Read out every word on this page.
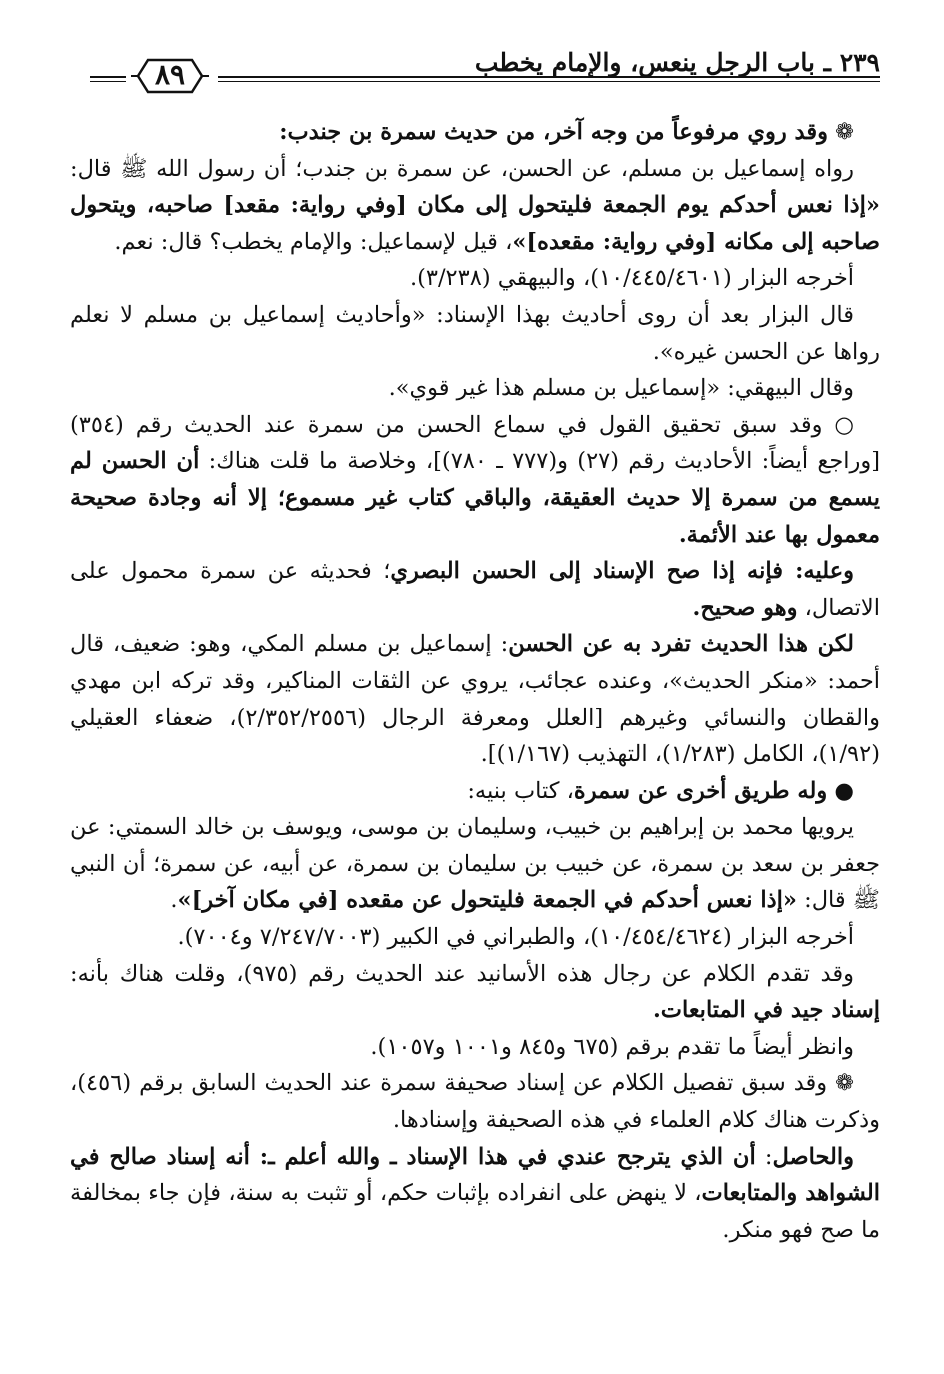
٢٣٩ ـ باب الرجل ينعس، والإمام يخطب
٨٩

❁ وقد روي مرفوعاً من وجه آخر، من حديث سمرة بن جندب:

رواه إسماعيل بن مسلم، عن الحسن، عن سمرة بن جندب؛ أن رسول الله ﷺ قال: «إذا نعس أحدكم يوم الجمعة فليتحول إلى مكان [وفي رواية: مقعد] صاحبه، ويتحول صاحبه إلى مكانه [وفي رواية: مقعده]»، قيل لإسماعيل: والإمام يخطب؟ قال: نعم.

أخرجه البزار (١٠/٤٤٥/٤٦٠١)، والبيهقي (٣/٢٣٨).

قال البزار بعد أن روى أحاديث بهذا الإسناد: «وأحاديث إسماعيل بن مسلم لا نعلم رواها عن الحسن غيره».

وقال البيهقي: «إسماعيل بن مسلم هذا غير قوي».

○ وقد سبق تحقيق القول في سماع الحسن من سمرة عند الحديث رقم (٣٥٤) [وراجع أيضاً: الأحاديث رقم (٢٧) و(٧٧٧ ـ ٧٨٠)]، وخلاصة ما قلت هناك: أن الحسن لم يسمع من سمرة إلا حديث العقيقة، والباقي كتاب غير مسموع؛ إلا أنه وجادة صحيحة معمول بها عند الأئمة.

وعليه: فإنه إذا صح الإسناد إلى الحسن البصري؛ فحديثه عن سمرة محمول على الاتصال، وهو صحيح.

لكن هذا الحديث تفرد به عن الحسن: إسماعيل بن مسلم المكي، وهو: ضعيف، قال أحمد: «منكر الحديث»، وعنده عجائب، يروي عن الثقات المناكير، وقد تركه ابن مهدي والقطان والنسائي وغيرهم [العلل ومعرفة الرجال (٢/٣٥٢/٢٥٥٦)، ضعفاء العقيلي (١/٩٢)، الكامل (١/٢٨٣)، التهذيب (١/١٦٧)].

● وله طريق أخرى عن سمرة، كتاب بنيه:

يرويها محمد بن إبراهيم بن خبيب، وسليمان بن موسى، ويوسف بن خالد السمتي: عن جعفر بن سعد بن سمرة، عن خبيب بن سليمان بن سمرة، عن أبيه، عن سمرة؛ أن النبي ﷺ قال: «إذا نعس أحدكم في الجمعة فليتحول عن مقعده [في مكان آخر]».

أخرجه البزار (١٠/٤٥٤/٤٦٢٤)، والطبراني في الكبير (٧/٢٤٧/٧٠٠٣ و٧٠٠٤).

وقد تقدم الكلام عن رجال هذه الأسانيد عند الحديث رقم (٩٧٥)، وقلت هناك بأنه: إسناد جيد في المتابعات.

وانظر أيضاً ما تقدم برقم (٦٧٥ و٨٤٥ و١٠٠١ و١٠٥٧).

❁ وقد سبق تفصيل الكلام عن إسناد صحيفة سمرة عند الحديث السابق برقم (٤٥٦)، وذكرت هناك كلام العلماء في هذه الصحيفة وإسنادها.

والحاصل: أن الذي يترجح عندي في هذا الإسناد ـ والله أعلم ـ: أنه إسناد صالح في الشواهد والمتابعات، لا ينهض على انفراده بإثبات حكم، أو تثبت به سنة، فإن جاء بمخالفة ما صح فهو منكر.
